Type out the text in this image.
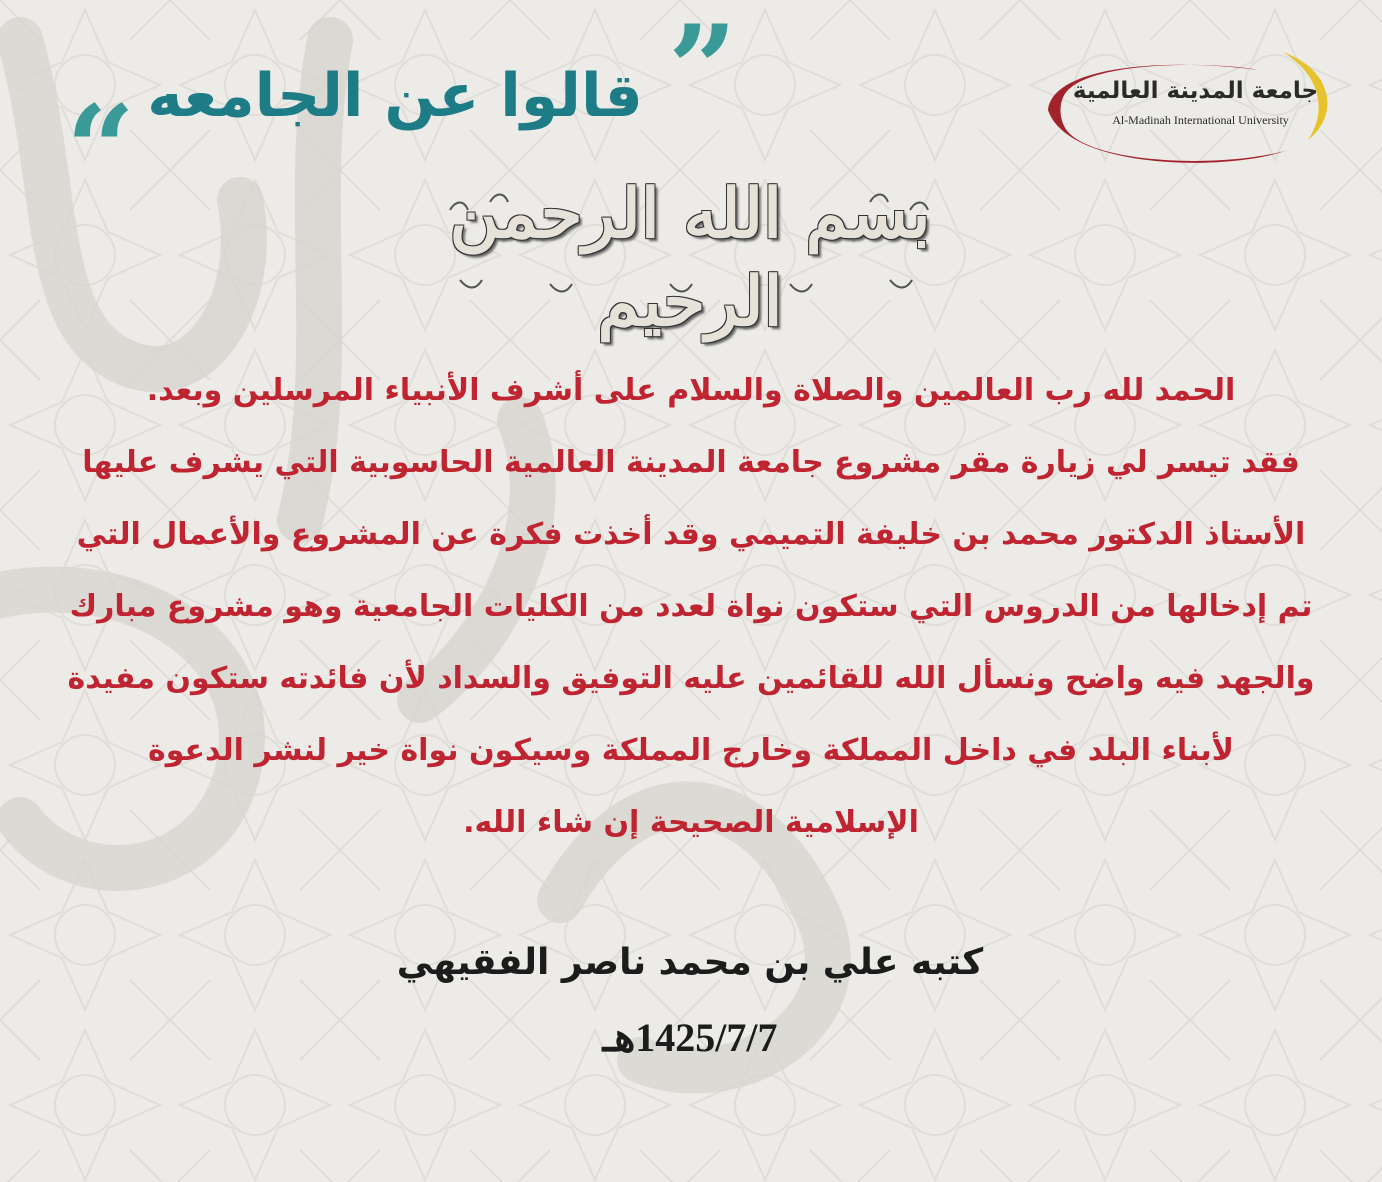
جامعة المدينة العالمية
Al-Madinah International University
”
قالوا عن الجامعه
“	بسم الله الرحمن الرحيم
الحمد لله رب العالمين والصلاة والسلام على أشرف الأنبياء المرسلين وبعد.
فقد تيسر لي زيارة مقر مشروع جامعة المدينة العالمية الحاسوبية التي يشرف عليها
الأستاذ الدكتور محمد بن خليفة التميمي وقد أخذت فكرة عن المشروع والأعمال التي
تم إدخالها من الدروس التي ستكون نواة لعدد من الكليات الجامعية وهو مشروع مبارك
والجهد فيه واضح ونسأل الله للقائمين عليه التوفيق والسداد لأن فائدته ستكون مفيدة
لأبناء البلد في داخل المملكة وخارج المملكة وسيكون نواة خير لنشر الدعوة
الإسلامية الصحيحة إن شاء الله.
كتبه علي بن محمد ناصر الفقيهي
1425/7/7هـ
